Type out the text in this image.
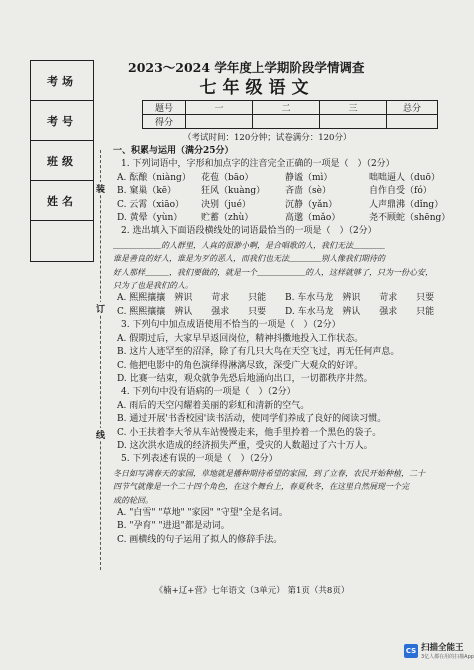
考场
考号
班级
姓名
装
订
线
2023～2024 学年度上学期阶段学情调查
七年级语文
题号	一	二	三	总分
得分				
（考试时间：120分钟；试卷满分：120分）
一、积累与运用（满分25分）
1. 下列词语中，字形和加点字的注音完全正确的一项是（　）（2分）
A. 酝酿（niàng）	花苞（bāo）	静谧（mì）	咄咄逼人（duō）
B. 窠巢（kē）	狂风（kuàng）	吝啬（sè）	自作自受（fó）
C. 云霄（xiāo）	决别（jué）	沉静（yǎn）	人声鼎沸（dǐng）
D. 黄晕（yùn）	贮蓄（zhù）	高邈（mǎo）	尧不顾蛇（shēng）
2. 选出填入下面语段横线处的词语最恰当的一项是（　）（2分）
＿＿＿＿＿＿的人群里，人真的很渺小啊，是合唱歌的人，我们无法＿＿＿＿
谁是善良的好人，谁是为歹的恶人，而我们也无法＿＿＿＿别人像我们期待的
好人那样＿＿＿，我们要做的，就是一个＿＿＿＿＿＿的人，这样就够了，只为一份心安，
只为了也是我们的人。
A. 熙熙攘攘	辨识	苛求	只能	B. 车水马龙	辨识	苛求	只要
C. 熙熙攘攘	辨认	强求	只要	D. 车水马龙 辨认	强求	只能
3. 下列句中加点成语使用不恰当的一项是（　）（2分）
A. 假期过后，大家早早返回岗位，精神抖擞地投入工作状态。
B. 这片人迹罕至的沼泽，除了有几只大鸟在天空飞过，再无任何声息。
C. 他把电影中的角色演绎得淋漓尽致，深受广大观众的好评。
D. 比赛一结束，观众就争先恐后地涌向出口，一切都秩序井然。
4. 下列句中没有语病的一项是（　）（2分）
A. 雨后的天空闪耀着美丽的彩虹和清新的空气。
B. 通过开展'书香校园'读书活动，使同学们养成了良好的阅读习惯。
C. 小王扶着李大爷从车站慢慢走来，他手里拎着一个黑色的袋子。
D. 这次洪水造成的经济损失严重，受灾的人数超过了六十万人。
5. 下列表述有误的一项是（　）（2分）
冬日如写满春天的家园，草地就是播种期待希望的家园，到了立春，农民开始种植，二十
四节气就像是一个二十四个角色，在这个舞台上，春夏秋冬，在这里自然展现一个完
成的轮回。
A. "白雪" "草地" "家园" "守望"全是名词。
B. "孕育" "进退"都是动词。
C. 画横线的句子运用了拟人的修辞手法。
《楠+辽+营》七年语文（3单元） 第1页（共8页）
CS 扫描全能王
3亿人都在用的扫描App
